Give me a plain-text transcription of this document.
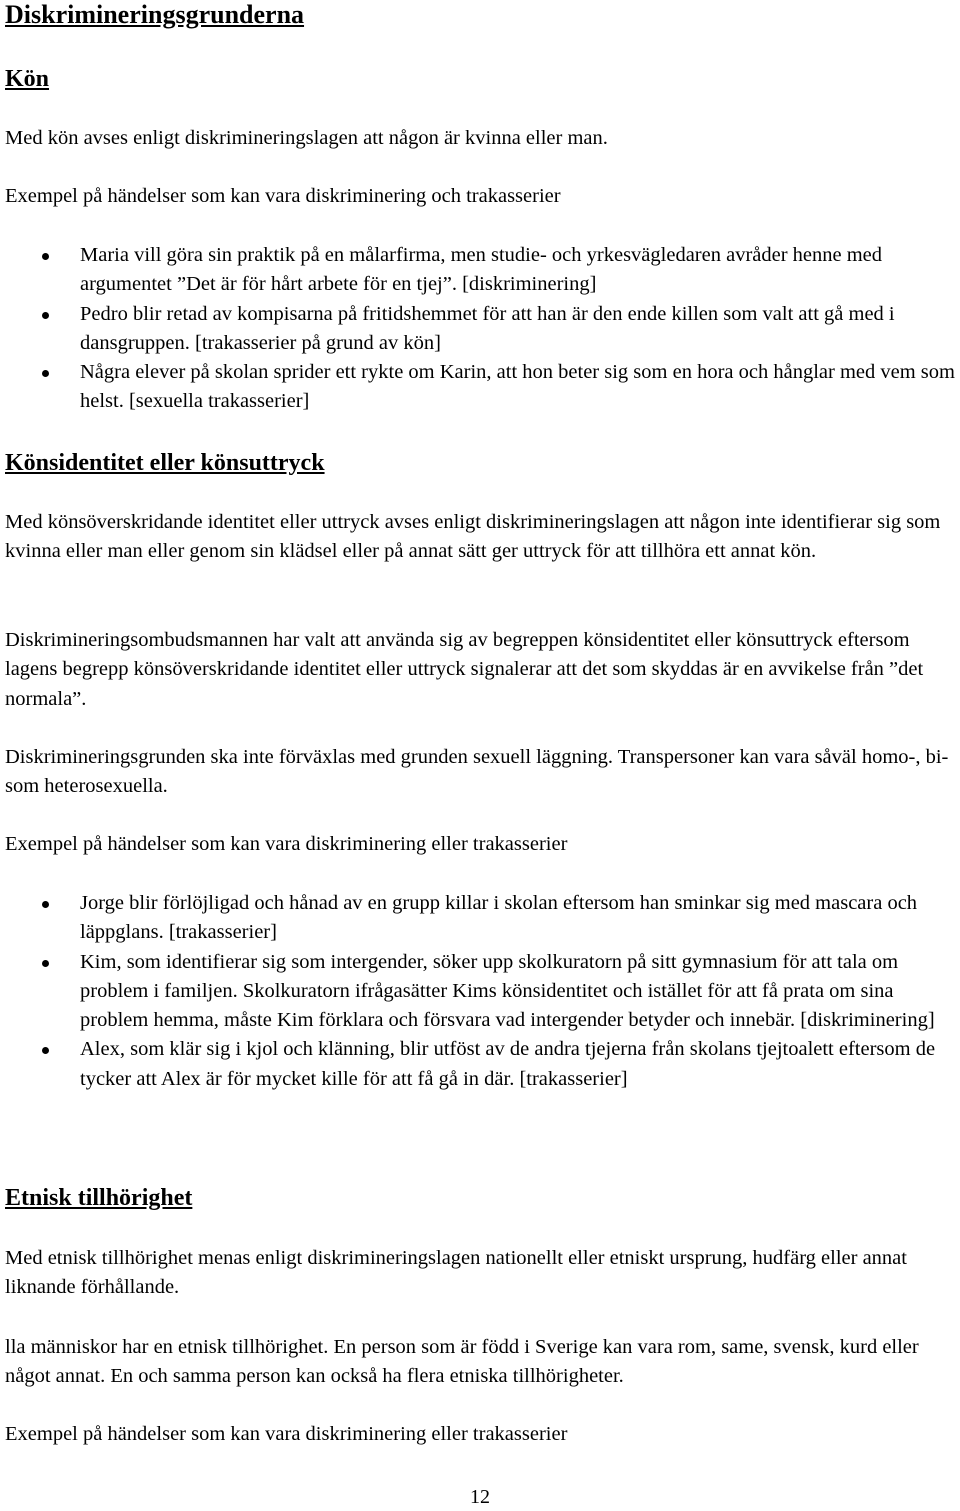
Diskrimineringsgrunderna
Kön
Med kön avses enligt diskrimineringslagen att någon är kvinna eller man.
Exempel på händelser som kan vara diskriminering och trakasserier
Maria vill göra sin praktik på en målarfirma, men studie- och yrkesvägledaren avråder henne med argumentet ”Det är för hårt arbete för en tjej”. [diskriminering]
Pedro blir retad av kompisarna på fritidshemmet för att han är den ende killen som valt att gå med i dansgruppen. [trakasserier på grund av kön]
Några elever på skolan sprider ett rykte om Karin, att hon beter sig som en hora och hånglar med vem som helst. [sexuella trakasserier]
Könsidentitet eller könsuttryck
Med könsöverskridande identitet eller uttryck avses enligt diskrimineringslagen att någon inte identifierar sig som kvinna eller man eller genom sin klädsel eller på annat sätt ger uttryck för att tillhöra ett annat kön.
Diskrimineringsombudsmannen har valt att använda sig av begreppen könsidentitet eller könsuttryck eftersom lagens begrepp könsöverskridande identitet eller uttryck signalerar att det som skyddas är en avvikelse från ”det normala”.
Diskrimineringsgrunden ska inte förväxlas med grunden sexuell läggning. Transpersoner kan vara såväl homo-, bi- som heterosexuella.
Exempel på händelser som kan vara diskriminering eller trakasserier
Jorge blir förlöjligad och hånad av en grupp killar i skolan eftersom han sminkar sig med mascara och läppglans. [trakasserier]
Kim, som identifierar sig som intergender, söker upp skolkuratorn på sitt gymnasium för att tala om problem i familjen. Skolkuratorn ifrågasätter Kims könsidentitet och istället för att få prata om sina problem hemma, måste Kim förklara och försvara vad intergender betyder och innebär. [diskriminering]
Alex, som klär sig i kjol och klänning, blir utföst av de andra tjejerna från skolans tjejtoalett eftersom de tycker att Alex är för mycket kille för att få gå in där. [trakasserier]
Etnisk tillhörighet
Med etnisk tillhörighet menas enligt diskrimineringslagen nationellt eller etniskt ursprung, hudfärg eller annat liknande förhållande.
lla människor har en etnisk tillhörighet. En person som är född i Sverige kan vara rom, same, svensk, kurd eller något annat. En och samma person kan också ha flera etniska tillhörigheter.
Exempel på händelser som kan vara diskriminering eller trakasserier
12
